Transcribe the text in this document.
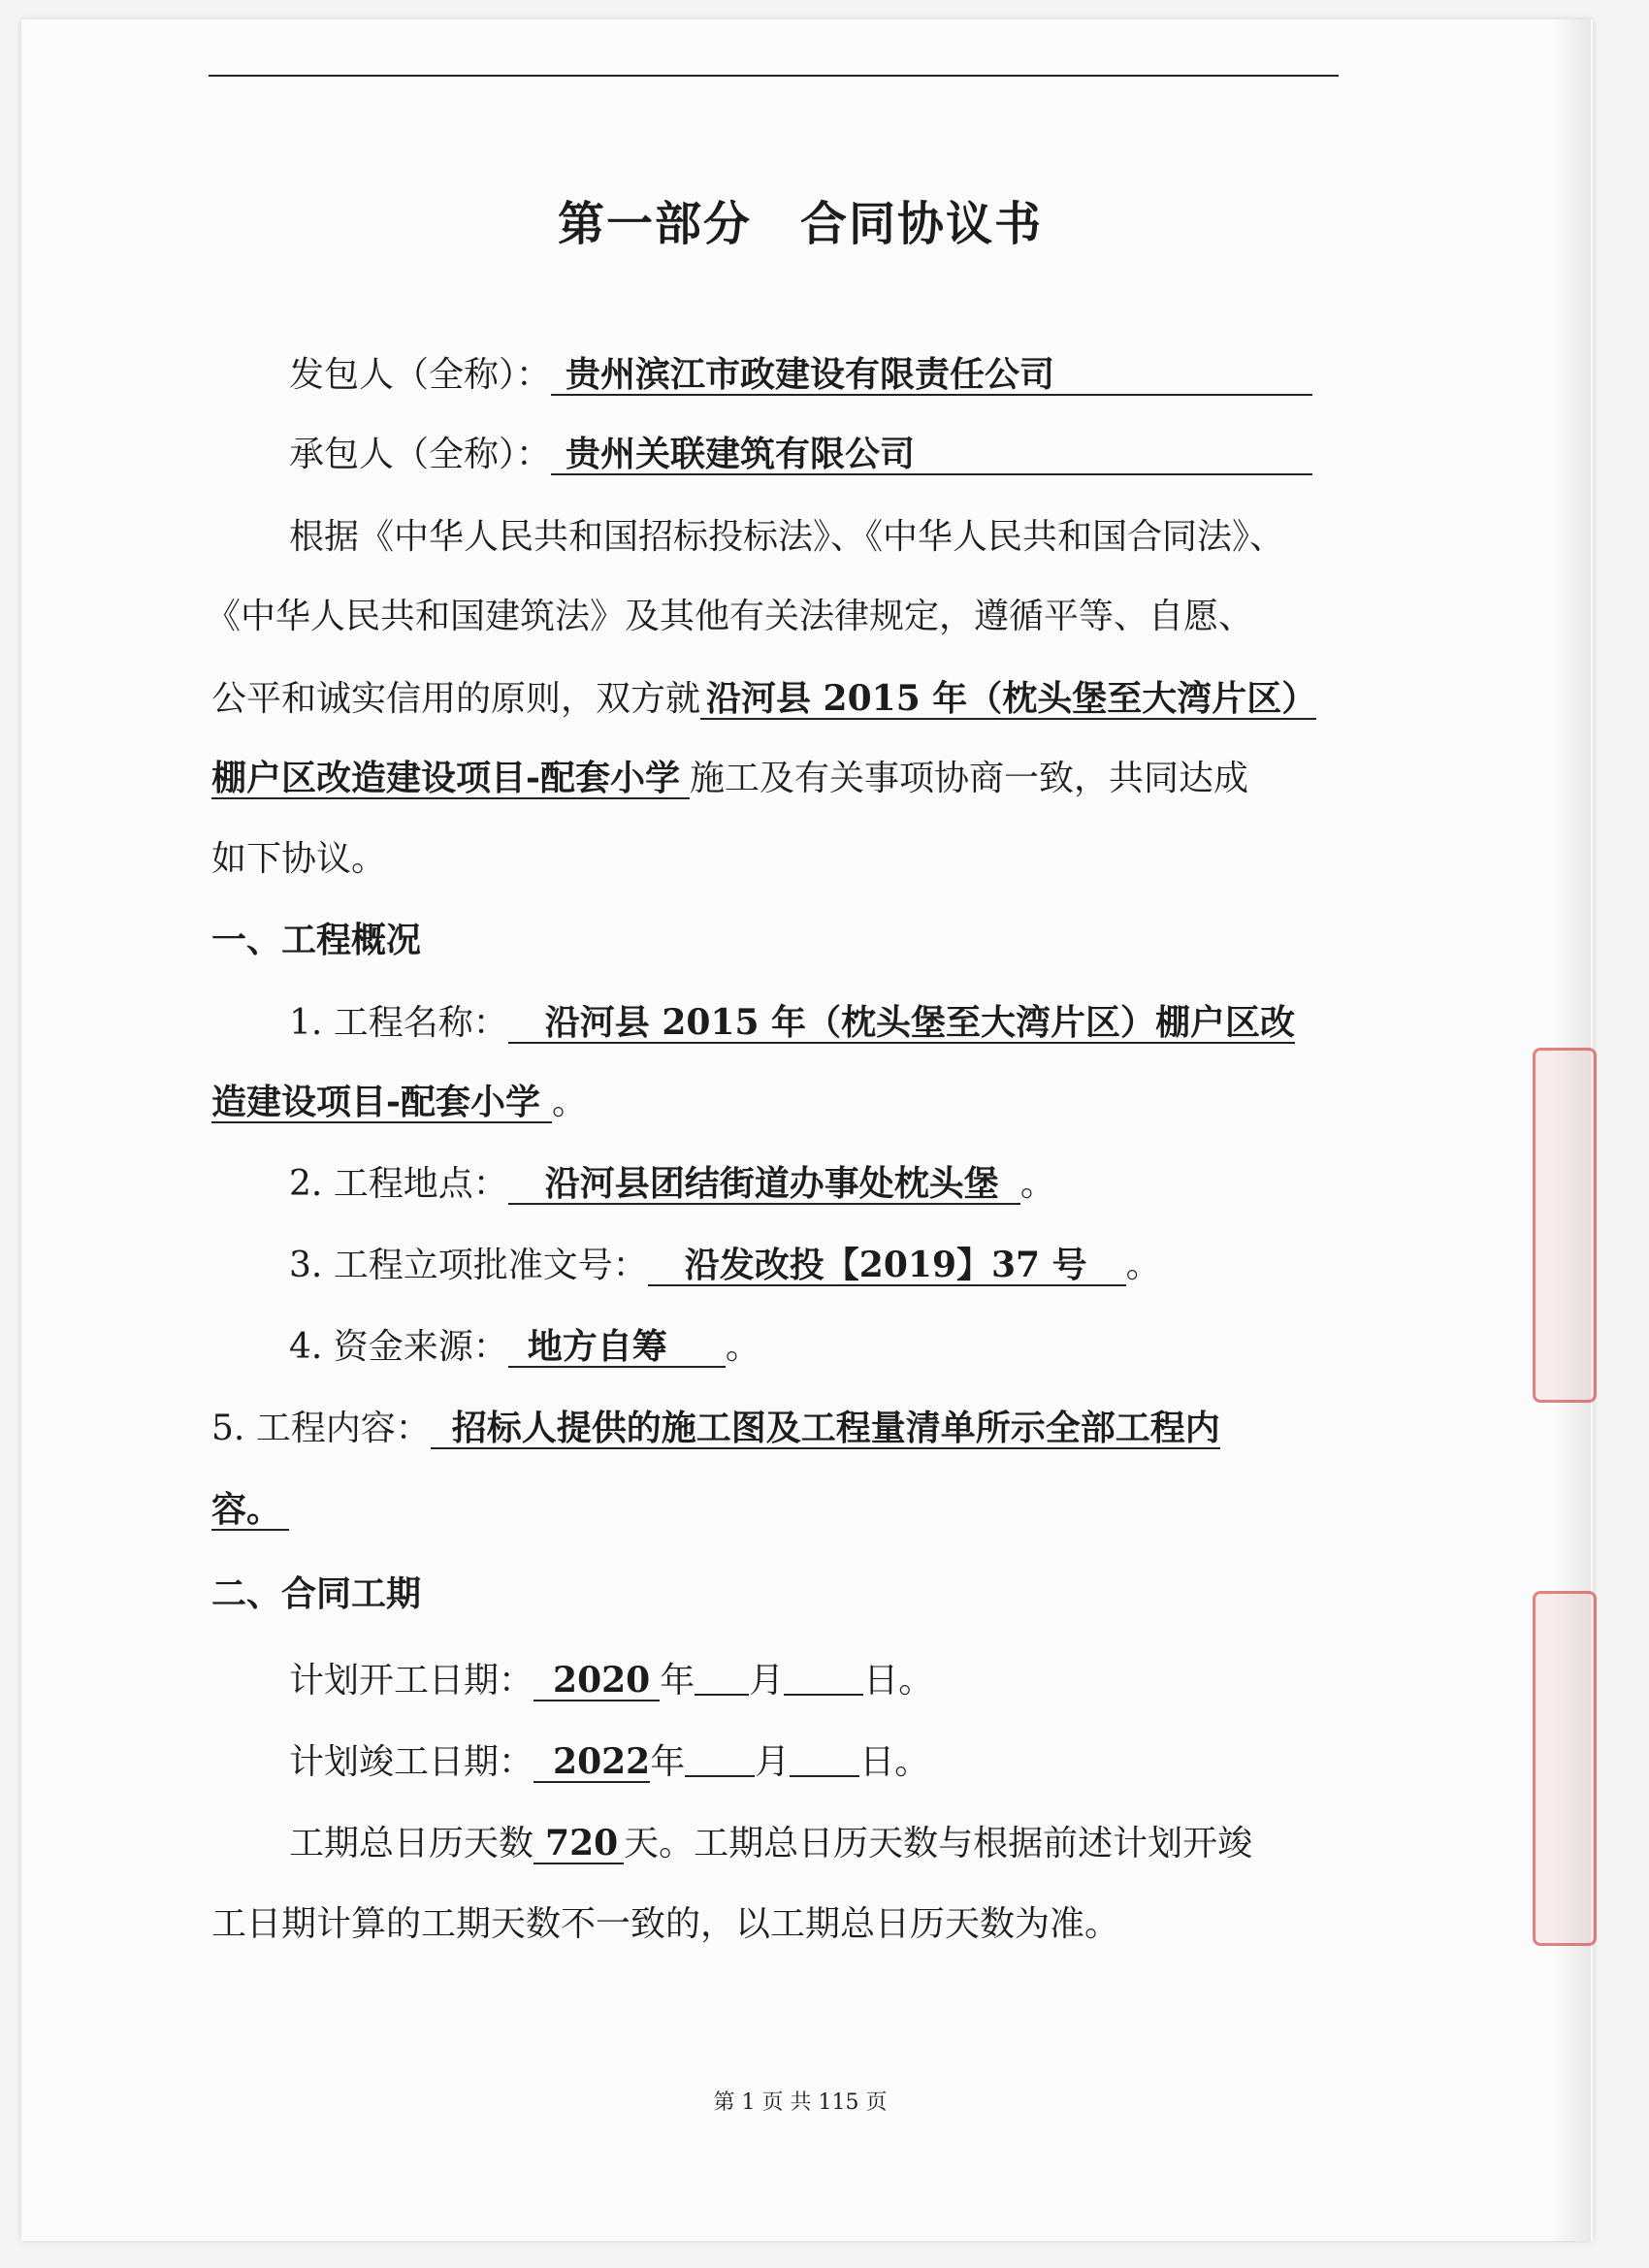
第一部分　合同协议书
发包人（全称）： 贵州滨江市政建设有限责任公司
承包人（全称）： 贵州关联建筑有限公司
根据《中华人民共和国招标投标法》、《中华人民共和国合同法》、
《中华人民共和国建筑法》及其他有关法律规定，遵循平等、自愿、
公平和诚实信用的原则，双方就 沿河县 2015 年（枕头堡至大湾片区）
棚户区改造建设项目-配套小学 施工及有关事项协商一致，共同达成
如下协议。
一、工程概况
1. 工程名称： 沿河县 2015 年（枕头堡至大湾片区）棚户区改
造建设项目-配套小学 。
2. 工程地点： 沿河县团结街道办事处枕头堡 。
3. 工程立项批准文号： 沿发改投【2019】37 号 。
4. 资金来源： 地方自筹 。
5. 工程内容： 招标人提供的施工图及工程量清单所示全部工程内
容。
二、合同工期
计划开工日期： 2020 年 月 日。
计划竣工日期： 2022年 月 日。
工期总日历天数 720 天。工期总日历天数与根据前述计划开竣
工日期计算的工期天数不一致的，以工期总日历天数为准。
第 1 页 共 115 页
